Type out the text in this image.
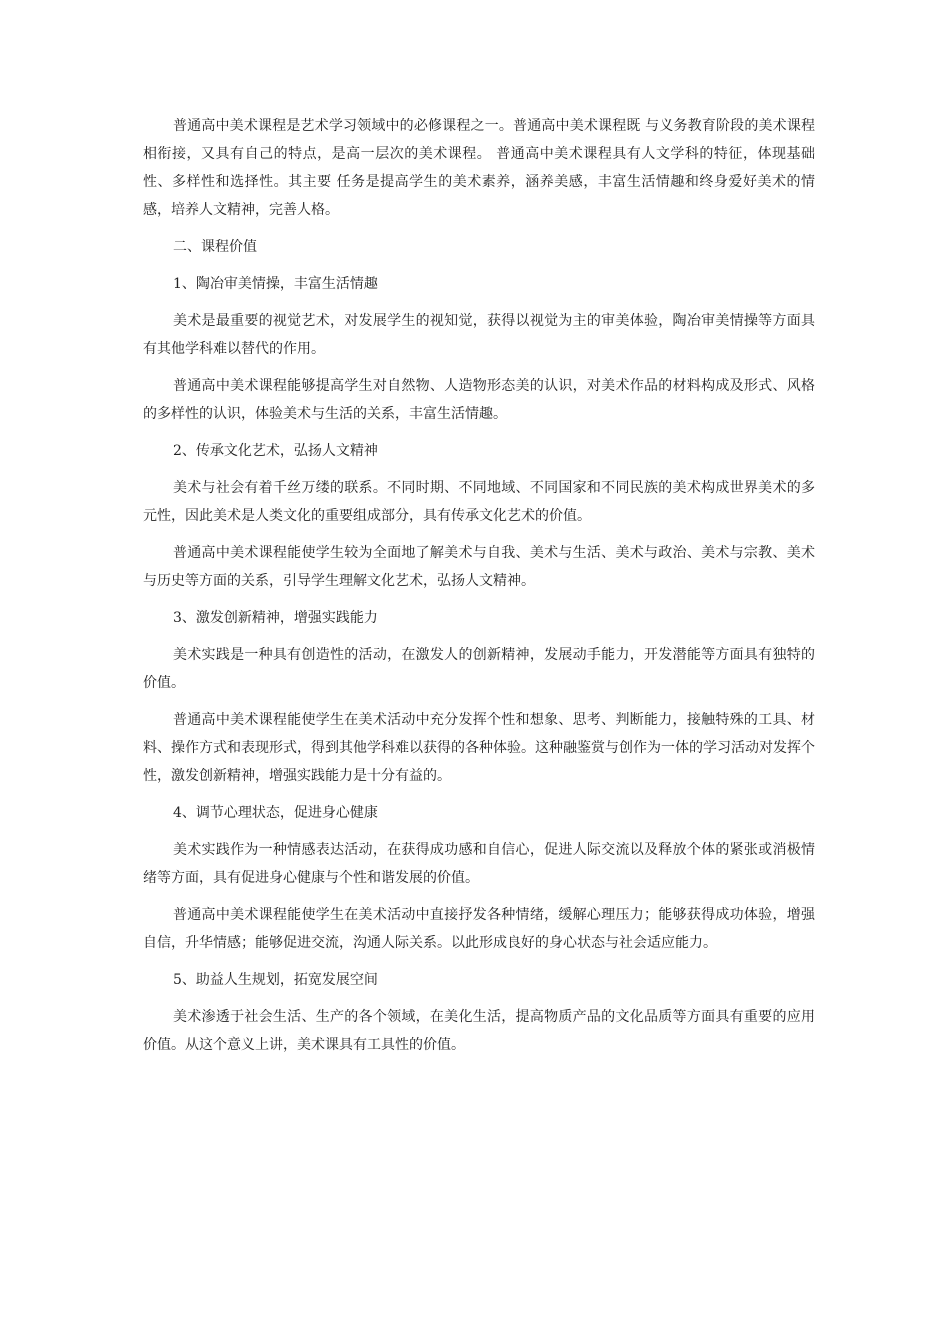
普通高中美术课程是艺术学习领域中的必修课程之一。普通高中美术课程既 与义务教育阶段的美术课程相衔接，又具有自己的特点，是高一层次的美术课程。 普通高中美术课程具有人文学科的特征，体现基础性、多样性和选择性。其主要 任务是提高学生的美术素养，涵养美感，丰富生活情趣和终身爱好美术的情感，培养人文精神，完善人格。

二、课程价值

1、陶冶审美情操，丰富生活情趣

美术是最重要的视觉艺术，对发展学生的视知觉，获得以视觉为主的审美体验，陶冶审美情操等方面具有其他学科难以替代的作用。

普通高中美术课程能够提高学生对自然物、人造物形态美的认识，对美术作品的材料构成及形式、风格的多样性的认识，体验美术与生活的关系，丰富生活情趣。

2、传承文化艺术，弘扬人文精神

美术与社会有着千丝万缕的联系。不同时期、不同地域、不同国家和不同民族的美术构成世界美术的多元性，因此美术是人类文化的重要组成部分，具有传承文化艺术的价值。

普通高中美术课程能使学生较为全面地了解美术与自我、美术与生活、美术与政治、美术与宗教、美术与历史等方面的关系，引导学生理解文化艺术，弘扬人文精神。

3、激发创新精神，增强实践能力

美术实践是一种具有创造性的活动，在激发人的创新精神，发展动手能力，开发潜能等方面具有独特的价值。

普通高中美术课程能使学生在美术活动中充分发挥个性和想象、思考、判断能力，接触特殊的工具、材料、操作方式和表现形式，得到其他学科难以获得的各种体验。这种融鉴赏与创作为一体的学习活动对发挥个性，激发创新精神，增强实践能力是十分有益的。

4、调节心理状态，促进身心健康

美术实践作为一种情感表达活动，在获得成功感和自信心，促进人际交流以及释放个体的紧张或消极情绪等方面，具有促进身心健康与个性和谐发展的价值。

普通高中美术课程能使学生在美术活动中直接抒发各种情绪，缓解心理压力；能够获得成功体验，增强自信，升华情感；能够促进交流，沟通人际关系。以此形成良好的身心状态与社会适应能力。

5、助益人生规划，拓宽发展空间

美术渗透于社会生活、生产的各个领域，在美化生活，提高物质产品的文化品质等方面具有重要的应用价值。从这个意义上讲，美术课具有工具性的价值。
